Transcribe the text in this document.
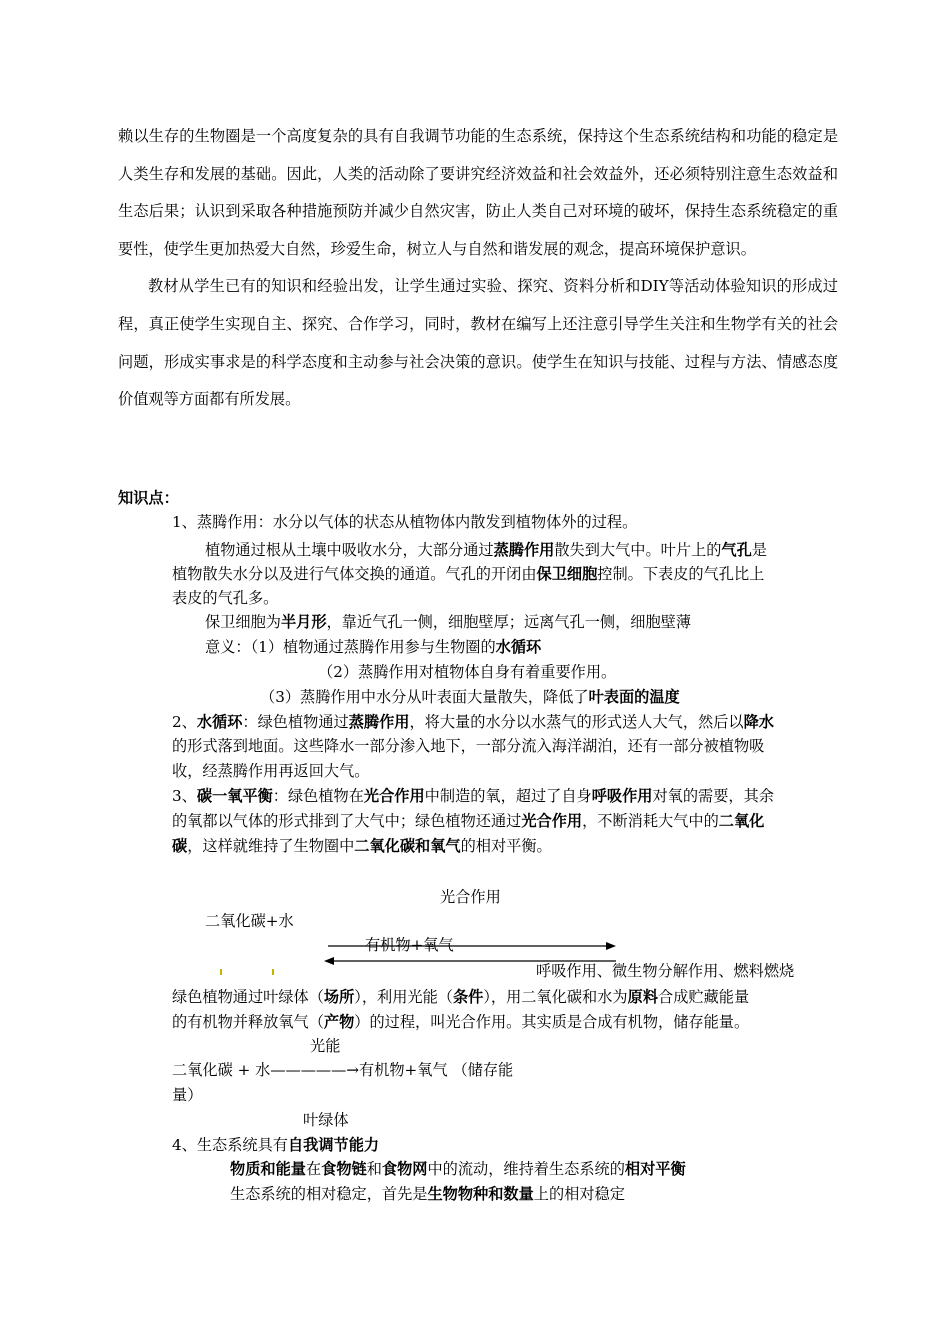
赖以生存的生物圈是一个高度复杂的具有自我调节功能的生态系统，保持这个生态系统结构和功能的稳定是人类生存和发展的基础。因此，人类的活动除了要讲究经济效益和社会效益外，还必须特别注意生态效益和生态后果；认识到采取各种措施预防并减少自然灾害，防止人类自己对环境的破坏，保持生态系统稳定的重要性，使学生更加热爱大自然，珍爱生命，树立人与自然和谐发展的观念，提高环境保护意识。

教材从学生已有的知识和经验出发，让学生通过实验、探究、资料分析和DIY等活动体验知识的形成过程，真正使学生实现自主、探究、合作学习，同时，教材在编写上还注意引导学生关注和生物学有关的社会问题，形成实事求是的科学态度和主动参与社会决策的意识。使学生在知识与技能、过程与方法、情感态度价值观等方面都有所发展。

知识点：
1、蒸腾作用：水分以气体的状态从植物体内散发到植物体外的过程。
植物通过根从土壤中吸收水分，大部分通过蒸腾作用散失到大气中。叶片上的气孔是
植物散失水分以及进行气体交换的通道。气孔的开闭由保卫细胞控制。下表皮的气孔比上
表皮的气孔多。
保卫细胞为半月形，靠近气孔一侧，细胞壁厚；远离气孔一侧，细胞壁薄
意义：（1）植物通过蒸腾作用参与生物圈的水循环
（2）蒸腾作用对植物体自身有着重要作用。
（3）蒸腾作用中水分从叶表面大量散失，降低了叶表面的温度
2、水循环：绿色植物通过蒸腾作用，将大量的水分以水蒸气的形式送人大气，然后以降水
的形式落到地面。这些降水一部分渗入地下，一部分流入海洋湖泊，还有一部分被植物吸
收，经蒸腾作用再返回大气。
3、碳一氧平衡：绿色植物在光合作用中制造的氧，超过了自身呼吸作用对氧的需要，其余
的氧都以气体的形式排到了大气中；绿色植物还通过光合作用，不断消耗大气中的二氧化
碳，这样就维持了生物圈中二氧化碳和氧气的相对平衡。
光合作用
二氧化碳+水
有机物+氧气
呼吸作用、微生物分解作用、燃料燃烧
绿色植物通过叶绿体（场所），利用光能（条件），用二氧化碳和水为原料合成贮藏能量
的有机物并释放氧气（产物）的过程，叫光合作用。其实质是合成有机物，储存能量。
光能
二氧化碳 + 水—————→有机物+氧气 （储存能
量）
叶绿体
4、生态系统具有自我调节能力
物质和能量在食物链和食物网中的流动，维持着生态系统的相对平衡
生态系统的相对稳定，首先是生物物种和数量上的相对稳定
